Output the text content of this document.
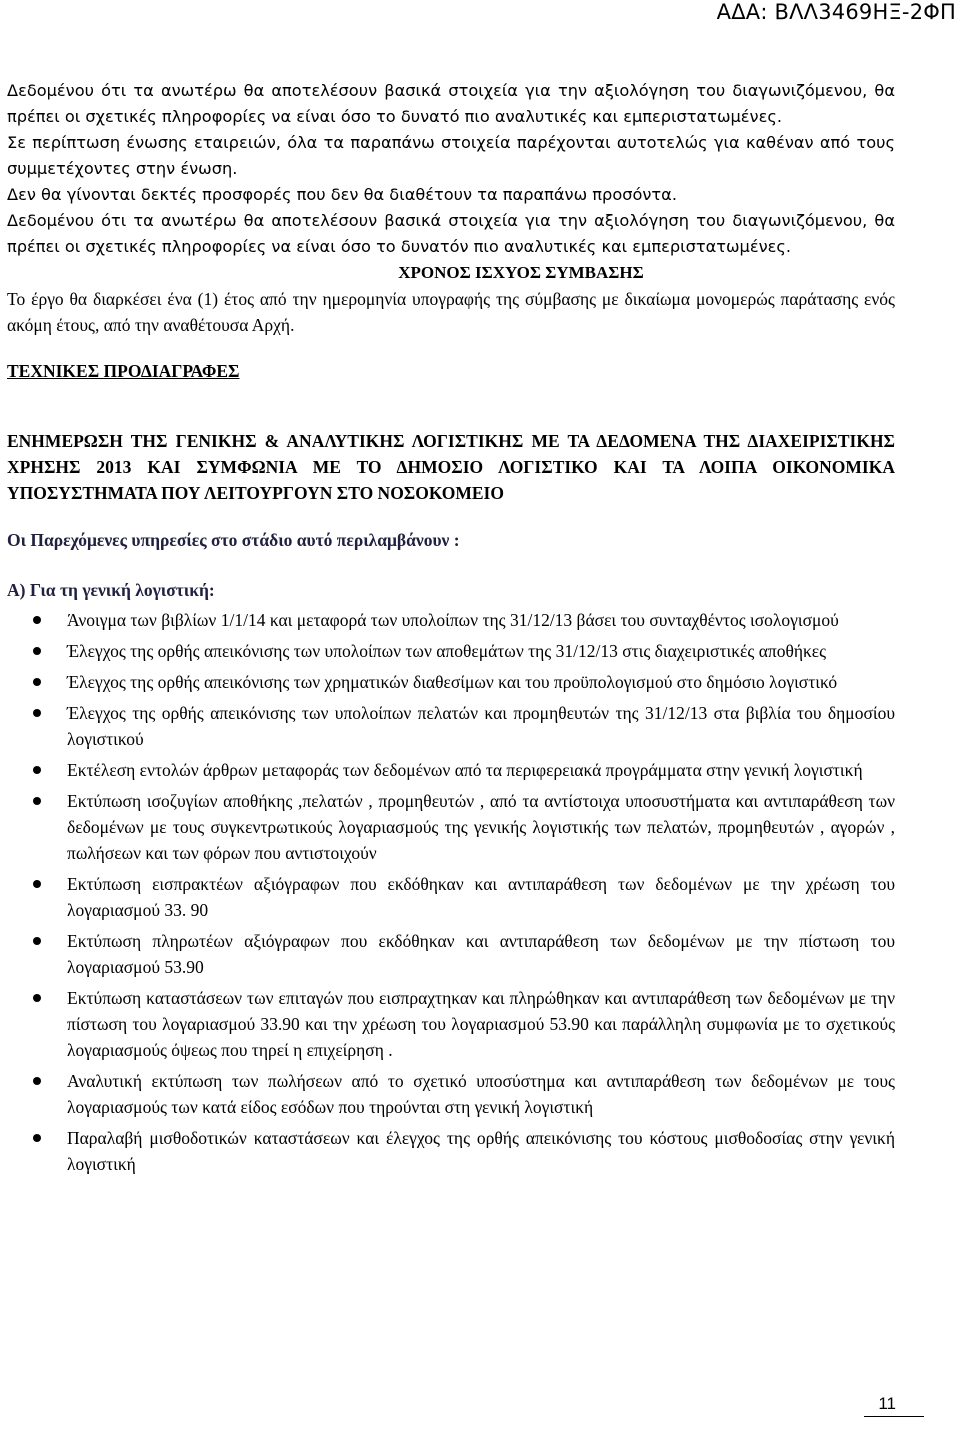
ΑΔΑ: ΒΛΛ3469ΗΞ-2ΦΠ

Δεδομένου ότι τα ανωτέρω θα αποτελέσουν βασικά στοιχεία για την αξιολόγηση του διαγωνιζόμενου, θα πρέπει οι σχετικές πληροφορίες να είναι όσο το δυνατό πιο αναλυτικές και εμπεριστατωμένες.

Σε περίπτωση ένωσης εταιρειών, όλα τα παραπάνω στοιχεία παρέχονται αυτοτελώς για καθέναν από τους συμμετέχοντες στην ένωση.

Δεν θα γίνονται δεκτές προσφορές που δεν θα διαθέτουν τα παραπάνω προσόντα.

Δεδομένου ότι τα ανωτέρω θα αποτελέσουν βασικά στοιχεία για την αξιολόγηση του διαγωνιζόμενου, θα πρέπει οι σχετικές πληροφορίες να είναι όσο το δυνατόν πιο αναλυτικές και εμπεριστατωμένες.

ΧΡΟΝΟΣ ΙΣΧΥΟΣ ΣΥΜΒΑΣΗΣ

Το έργο θα διαρκέσει ένα (1) έτος από την ημερομηνία υπογραφής της σύμβασης με δικαίωμα μονομερώς παράτασης ενός ακόμη έτους, από την αναθέτουσα Αρχή.

ΤΕΧΝΙΚΕΣ ΠΡΟΔΙΑΓΡΑΦΕΣ

ΕΝΗΜΕΡΩΣΗ ΤΗΣ ΓΕΝΙΚΗΣ & ΑΝΑΛΥΤΙΚΗΣ ΛΟΓΙΣΤΙΚΗΣ ΜΕ ΤΑ ΔΕΔΟΜΕΝΑ ΤΗΣ ΔΙΑΧΕΙΡΙΣΤΙΚΗΣ ΧΡΗΣΗΣ 2013 ΚΑΙ ΣΥΜΦΩΝΙΑ ΜΕ ΤΟ ΔΗΜΟΣΙΟ ΛΟΓΙΣΤΙΚΟ ΚΑΙ ΤΑ ΛΟΙΠΑ ΟΙΚΟΝΟΜΙΚΑ ΥΠΟΣΥΣΤΗΜΑΤΑ ΠΟΥ ΛΕΙΤΟΥΡΓΟΥΝ ΣΤΟ ΝΟΣΟΚΟΜΕΙΟ

Οι Παρεχόμενες υπηρεσίες στο στάδιο αυτό περιλαμβάνουν :

Α) Για τη γενική λογιστική:

Άνοιγμα των βιβλίων 1/1/14 και μεταφορά των υπολοίπων της 31/12/13 βάσει του συνταχθέντος ισολογισμού
Έλεγχος της ορθής απεικόνισης των υπολοίπων των αποθεμάτων της 31/12/13 στις διαχειριστικές αποθήκες
Έλεγχος της ορθής απεικόνισης των χρηματικών διαθεσίμων και του προϋπολογισμού στο δημόσιο λογιστικό
Έλεγχος της ορθής απεικόνισης των υπολοίπων πελατών και προμηθευτών της 31/12/13 στα βιβλία του δημοσίου λογιστικού
Εκτέλεση εντολών άρθρων μεταφοράς των δεδομένων από τα περιφερειακά προγράμματα στην γενική λογιστική
Εκτύπωση ισοζυγίων αποθήκης ,πελατών , προμηθευτών , από τα αντίστοιχα υποσυστήματα και αντιπαράθεση των δεδομένων με τους συγκεντρωτικούς λογαριασμούς της γενικής λογιστικής των πελατών, προμηθευτών , αγορών , πωλήσεων και των φόρων που αντιστοιχούν
Εκτύπωση εισπρακτέων αξιόγραφων που εκδόθηκαν και αντιπαράθεση των δεδομένων με την χρέωση του λογαριασμού 33. 90
Εκτύπωση πληρωτέων αξιόγραφων που εκδόθηκαν και αντιπαράθεση των δεδομένων με την πίστωση του λογαριασμού 53.90
Εκτύπωση καταστάσεων των επιταγών που εισπραχτηκαν και πληρώθηκαν και αντιπαράθεση των δεδομένων με την πίστωση του λογαριασμού 33.90 και την χρέωση του λογαριασμού 53.90 και παράλληλη συμφωνία με το σχετικούς λογαριασμούς όψεως που τηρεί η επιχείρηση .
Αναλυτική εκτύπωση των πωλήσεων από το σχετικό υποσύστημα και αντιπαράθεση των δεδομένων με τους λογαριασμούς των κατά είδος εσόδων που τηρούνται στη γενική λογιστική
Παραλαβή μισθοδοτικών καταστάσεων και έλεγχος της ορθής απεικόνισης του κόστους μισθοδοσίας στην γενική λογιστική
11
